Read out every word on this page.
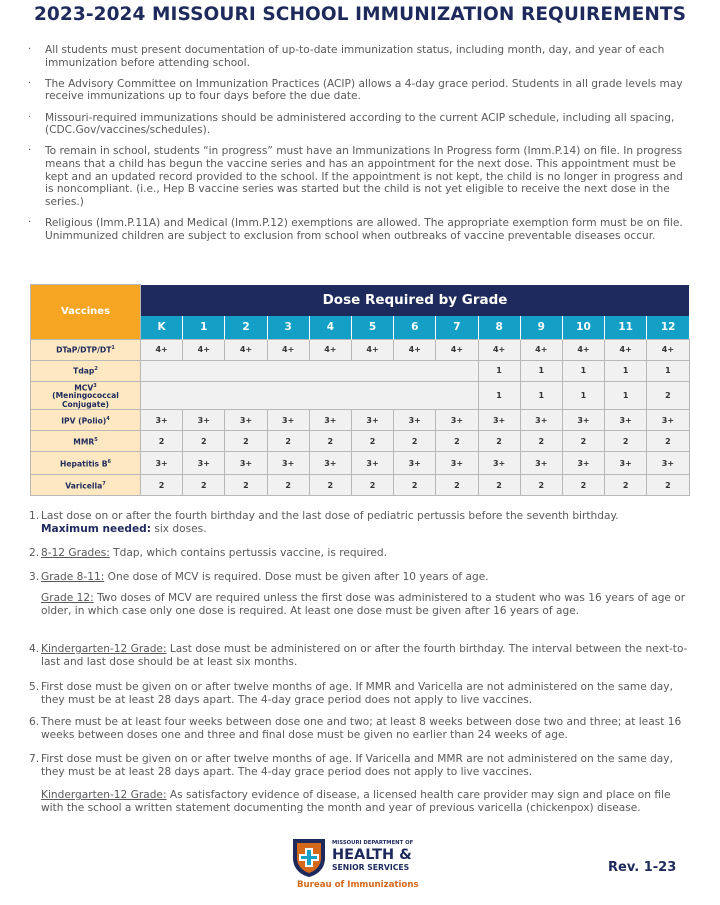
2023-2024 MISSOURI SCHOOL IMMUNIZATION REQUIREMENTS
· All students must present documentation of up-to-date immunization status, including month, day, and year of each immunization before attending school.
· The Advisory Committee on Immunization Practices (ACIP) allows a 4-day grace period. Students in all grade levels may receive immunizations up to four days before the due date.
· Missouri-required immunizations should be administered according to the current ACIP schedule, including all spacing, (CDC.Gov/vaccines/schedules).
· To remain in school, students “in progress” must have an Immunizations In Progress form (Imm.P.14) on file. In progress means that a child has begun the vaccine series and has an appointment for the next dose. This appointment must be kept and an updated record provided to the school. If the appointment is not kept, the child is no longer in progress and is noncompliant. (i.e., Hep B vaccine series was started but the child is not yet eligible to receive the next dose in the series.)
· Religious (Imm.P.11A) and Medical (Imm.P.12) exemptions are allowed. The appropriate exemption form must be on file. Unimmunized children are subject to exclusion from school when outbreaks of vaccine preventable diseases occur.
Vaccines	Dose Required by Grade												
	K	1	2	3	4	5	6	7	8	9	10	11	12
DTaP/$DTP/DT^1$	4+	4+	4+	4+	4+	4+	4+	4+	4+	4+	4+	4+	4+
Tdap$^2$									1	1	1	1	1
MCV$^3$
(Meningococcal Conjugate)									1	1	1	1	2
IPV (Polio)$^4$	3+	3+	3+	3+	3+	3+	3+	3+	3+	3+	3+	3+	3+
$MMR^5$	2	2	2	2	2	2	2	2	2	2	2	2	2
Hepatitis $B^6$	3+	3+	3+	3+	3+	3+	3+	3+	3+	3+	3+	3+	3+
Varicella$^7$	2	2	2	2	2	2	2	2	2	2	2	2	2
1. Last dose on or after the fourth birthday and the last dose of pediatric pertussis before the seventh birthday.
Maximum needed: six doses.
2. 8-12 Grades: Tdap, which contains pertussis vaccine, is required.
3. Grade 8-11: One dose of MCV is required. Dose must be given after 10 years of age.
Grade 12: Two doses of MCV are required unless the first dose was administered to a student who was 16 years of age or older, in which case only one dose is required. At least one dose must be given after 16 years of age.
4. Kindergarten-12 Grade: Last dose must be administered on or after the fourth birthday. The interval between the next-to-last and last dose should be at least six months.
5. First dose must be given on or after twelve months of age. If MMR and Varicella are not administered on the same day, they must be at least 28 days apart. The 4-day grace period does not apply to live vaccines.
6. There must be at least four weeks between dose one and two; at least 8 weeks between dose two and three; at least 16 weeks between doses one and three and final dose must be given no earlier than 24 weeks of age.
7. First dose must be given on or after twelve months of age. If Varicella and MMR are not administered on the same day, they must be at least 28 days apart. The 4-day grace period does not apply to live vaccines.
Kindergarten-12 Grade: As satisfactory evidence of disease, a licensed health care provider may sign and place on file with the school a written statement documenting the month and year of previous varicella (chickenpox) disease.
MISSOURI DEPARTMENT OF
HEALTH &
SENIOR SERVICES
Bureau of Immunizations
Rev. 1-23
